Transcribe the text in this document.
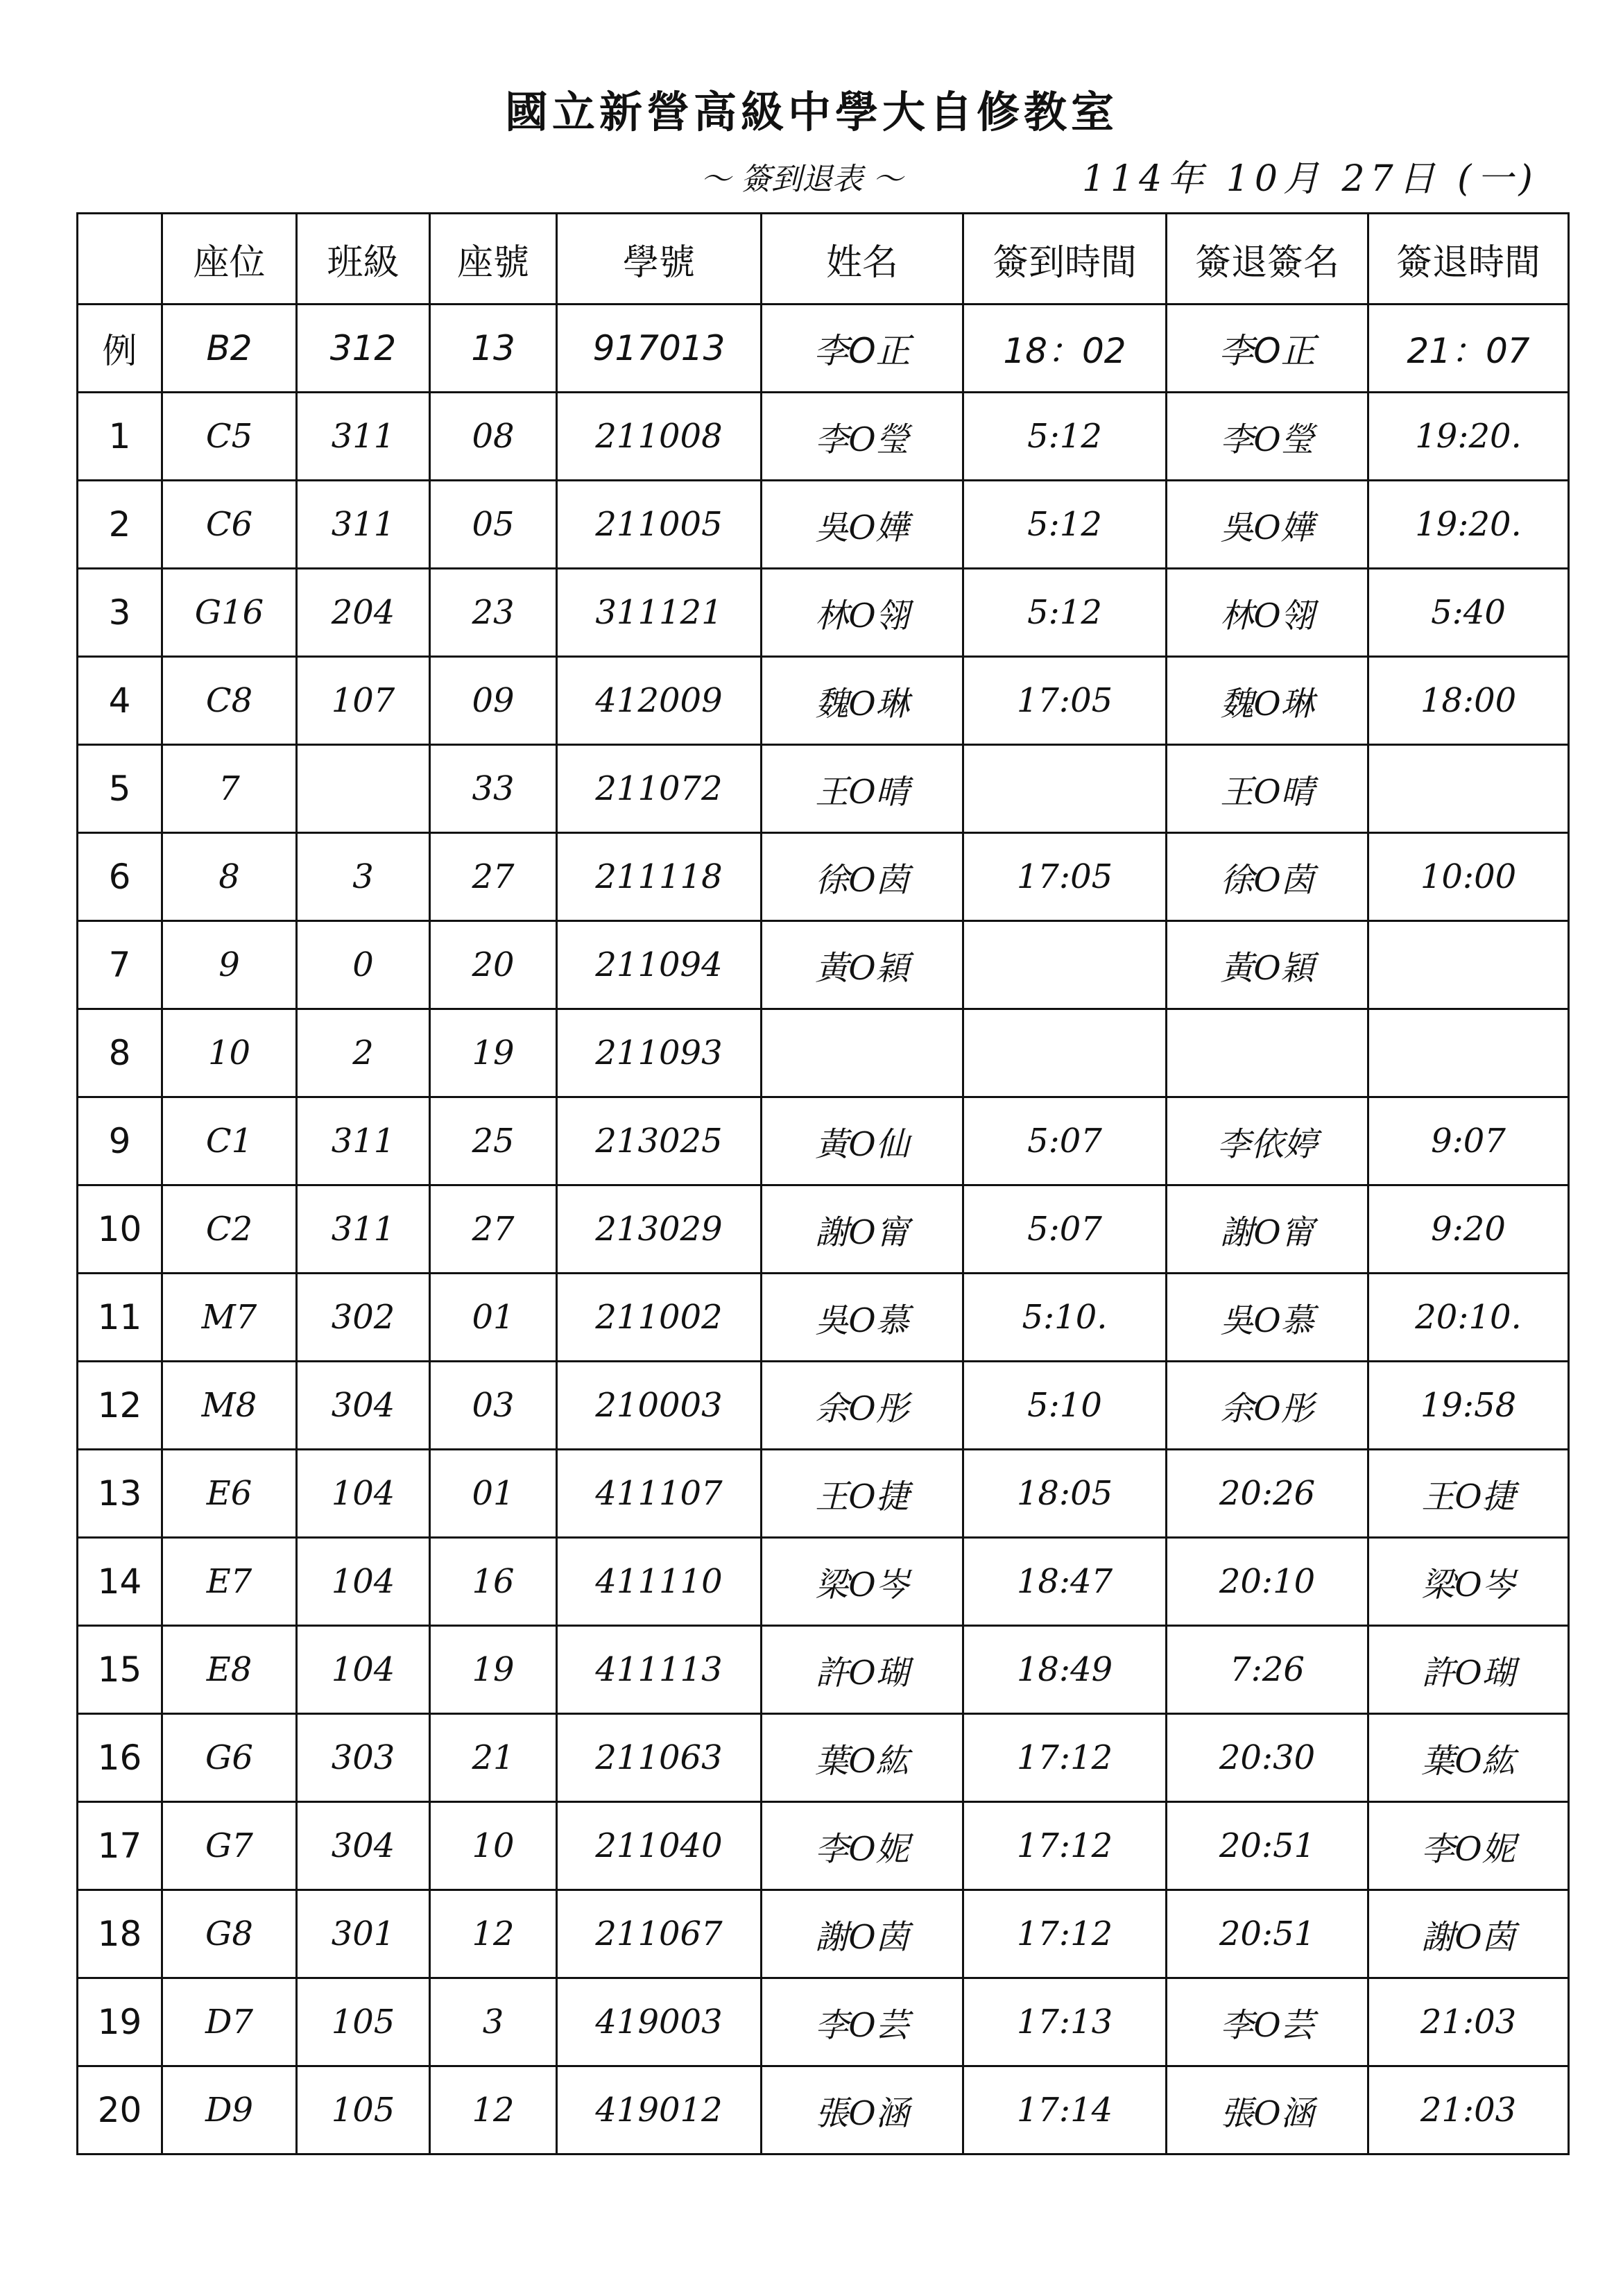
國立新營高級中學大自修教室
～ 簽到退表 ～	114年 10月 27日 (一)
	座位	班級	座號	學號	姓名	簽到時間	簽退簽名	簽退時間
例	B2	312	13	917013	李O正	18：02	李O正	21：07
1	C5	311	08	211008	李O瑩	5:12	李O瑩	19:20.
2	C6	311	05	211005	吳O嬅	5:12	吳O嬅	19:20.
3	G16	204	23	311121	林O翎	5:12	林O翎	5:40
4	C8	107	09	412009	魏O琳	17:05	魏O琳	18:00
5	7		33	211072	王O晴		王O晴	
6	8	3	27	211118	徐O茵	17:05	徐O茵	10:00
7	9	0	20	211094	黃O穎		黃O穎	
8	10	2	19	211093				
9	C1	311	25	213025	黃O仙	5:07	李依婷	9:07
10	C2	311	27	213029	謝O甯	5:07	謝O甯	9:20
11	M7	302	01	211002	吳O慕	5:10.	吳O慕	20:10.
12	M8	304	03	210003	余O彤	5:10	余O彤	19:58
13	E6	104	01	411107	王O捷	18:05	20:26	王O捷
14	E7	104	16	411110	梁O岑	18:47	20:10	梁O岑
15	E8	104	19	411113	許O瑚	18:49	7:26	許O瑚
16	G6	303	21	211063	葉O紘	17:12	20:30	葉O紘
17	G7	304	10	211040	李O妮	17:12	20:51	李O妮
18	G8	301	12	211067	謝O茵	17:12	20:51	謝O茵
19	D7	105	3	419003	李O芸	17:13	李O芸	21:03
20	D9	105	12	419012	張O涵	17:14	張O涵	21:03
